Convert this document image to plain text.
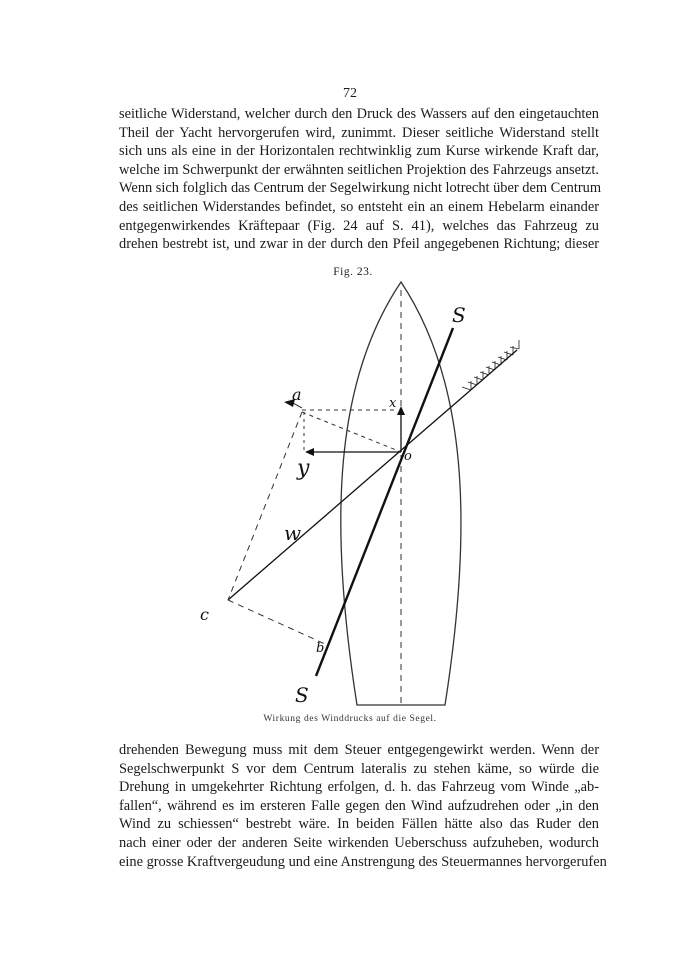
72
seitliche Widerstand, welcher durch den Druck des Wassers auf den eingetauchten
Theil der Yacht hervorgerufen wird, zunimmt. Dieser seitliche Widerstand stellt
sich uns als eine in der Horizontalen rechtwinklig zum Kurse wirkende Kraft dar,
welche im Schwerpunkt der erwähnten seitlichen Projektion des Fahrzeugs ansetzt.
Wenn sich folglich das Centrum der Segelwirkung nicht lotrecht über dem Centrum
des seitlichen Widerstandes befindet, so entsteht ein an einem Hebelarm einander
entgegenwirkendes Kräftepaar (Fig. 24 auf S. 41), welches das Fahrzeug zu
drehen bestrebt ist, und zwar in der durch den Pfeil angegebenen Richtung; dieser
Fig. 23.
S
S
a	x
y	o
w
b
c
Wirkung des Winddrucks auf die Segel.
drehenden Bewegung muss mit dem Steuer entgegengewirkt werden. Wenn der
Segelschwerpunkt S vor dem Centrum lateralis zu stehen käme, so würde die
Drehung in umgekehrter Richtung erfolgen, d. h. das Fahrzeug vom Winde „ab-
fallen“, während es im ersteren Falle gegen den Wind aufzudrehen oder „in den
Wind zu schiessen“ bestrebt wäre. In beiden Fällen hätte also das Ruder den
nach einer oder der anderen Seite wirkenden Ueberschuss aufzuheben, wodurch
eine grosse Kraftvergeudung und eine Anstrengung des Steuermannes hervorgerufen
